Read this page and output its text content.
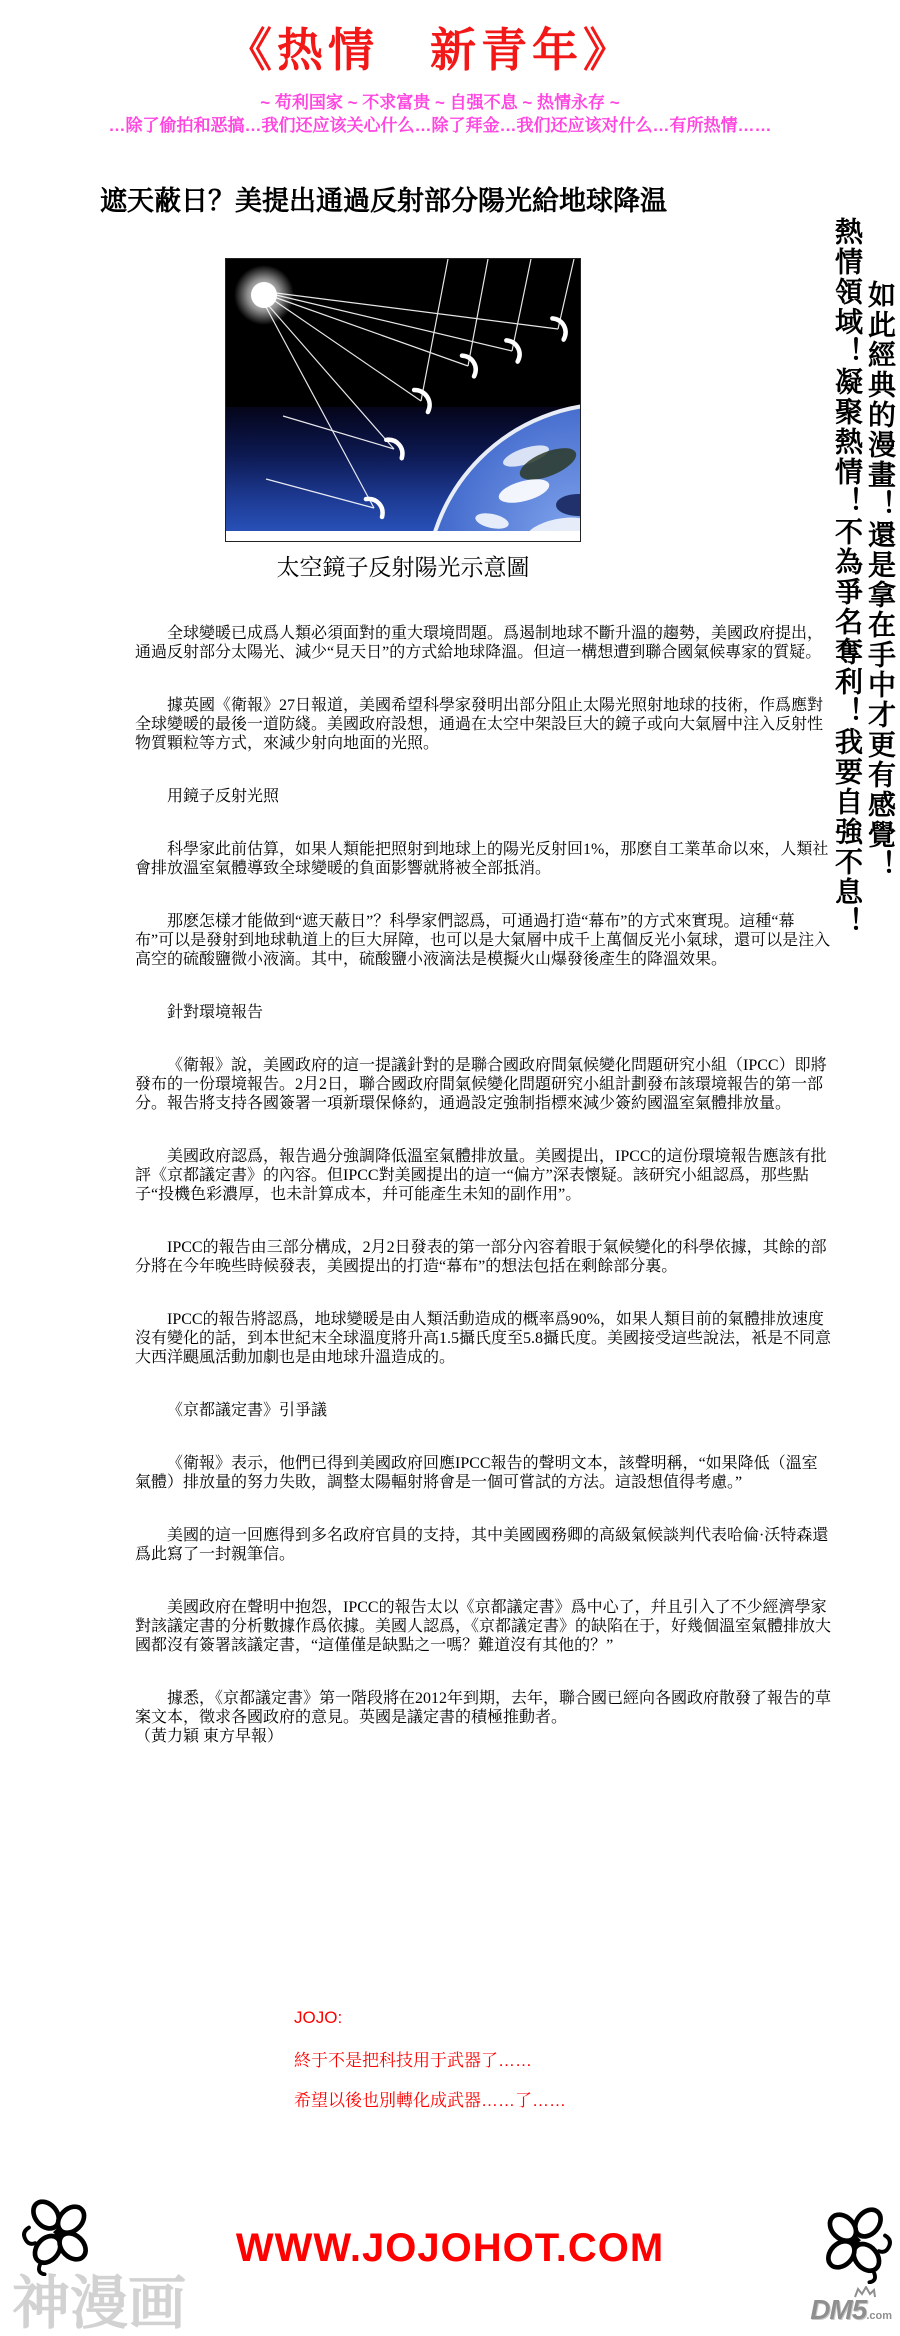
《热情　新青年》
~ 苟利国家 ~ 不求富贵 ~ 自强不息 ~ 热情永存 ~
…除了偷拍和恶搞…我们还应该关心什么…除了拜金…我们还应该对什么…有所热情……
遮天蔽日？美提出通過反射部分陽光給地球降温
太空鏡子反射陽光示意圖	如此經典的漫畫！還是拿在手中才更有感覺！
熱情領域！凝聚熱情！不為爭名奪利！我要自強不息！
全球變暖已成爲人類必須面對的重大環境問題。爲遏制地球不斷升溫的趨勢，美國政府提出，通過反射部分太陽光、減少“見天日”的方式給地球降溫。但這一構想遭到聯合國氣候專家的質疑。
據英國《衛報》27日報道，美國希望科學家發明出部分阻止太陽光照射地球的技術，作爲應對全球變暖的最後一道防綫。美國政府設想，通過在太空中架設巨大的鏡子或向大氣層中注入反射性物質顆粒等方式，來減少射向地面的光照。
用鏡子反射光照
科學家此前估算，如果人類能把照射到地球上的陽光反射回1%，那麽自工業革命以來，人類社會排放溫室氣體導致全球變暖的負面影響就將被全部抵消。
那麽怎樣才能做到“遮天蔽日”？科學家們認爲，可通過打造“幕布”的方式來實現。這種“幕布”可以是發射到地球軌道上的巨大屏障，也可以是大氣層中成千上萬個反光小氣球，還可以是注入高空的硫酸鹽微小液滴。其中，硫酸鹽小液滴法是模擬火山爆發後產生的降溫效果。
針對環境報告
《衛報》說，美國政府的這一提議針對的是聯合國政府間氣候變化問題研究小組（IPCC）即將發布的一份環境報告。2月2日，聯合國政府間氣候變化問題研究小組計劃發布該環境報告的第一部分。報告將支持各國簽署一項新環保條約，通過設定強制指標來減少簽約國溫室氣體排放量。
美國政府認爲，報告過分強調降低溫室氣體排放量。美國提出，IPCC的這份環境報告應該有批評《京都議定書》的內容。但IPCC對美國提出的這一“偏方”深表懷疑。該研究小組認爲，那些點子“投機色彩濃厚，也未計算成本，幷可能產生未知的副作用”。
IPCC的報告由三部分構成，2月2日發表的第一部分內容着眼于氣候變化的科學依據，其餘的部分將在今年晚些時候發表，美國提出的打造“幕布”的想法包括在剩餘部分裏。
IPCC的報告將認爲，地球變暖是由人類活動造成的概率爲90%，如果人類目前的氣體排放速度沒有變化的話，到本世紀末全球溫度將升高1.5攝氏度至5.8攝氏度。美國接受這些說法，衹是不同意大西洋颶風活動加劇也是由地球升溫造成的。
《京都議定書》引爭議
《衛報》表示，他們已得到美國政府回應IPCC報告的聲明文本，該聲明稱，“如果降低（溫室氣體）排放量的努力失敗，調整太陽輻射將會是一個可嘗試的方法。這設想值得考慮。”
美國的這一回應得到多名政府官員的支持，其中美國國務卿的高級氣候談判代表哈倫·沃特森還爲此寫了一封親筆信。
美國政府在聲明中抱怨，IPCC的報告太以《京都議定書》爲中心了，幷且引入了不少經濟學家對該議定書的分析數據作爲依據。美國人認爲，《京都議定書》的缺陷在于，好幾個溫室氣體排放大國都沒有簽署該議定書，“這僅僅是缺點之一嗎？難道沒有其他的？”
據悉，《京都議定書》第一階段將在2012年到期，去年，聯合國已經向各國政府散發了報告的草案文本，徵求各國政府的意見。英國是議定書的積極推動者。
（黃力穎 東方早報）
JOJO:
終于不是把科技用于武器了……
希望以後也別轉化成武器……了……
WWW.JOJOHOT.COM
神漫画	DM5.com
